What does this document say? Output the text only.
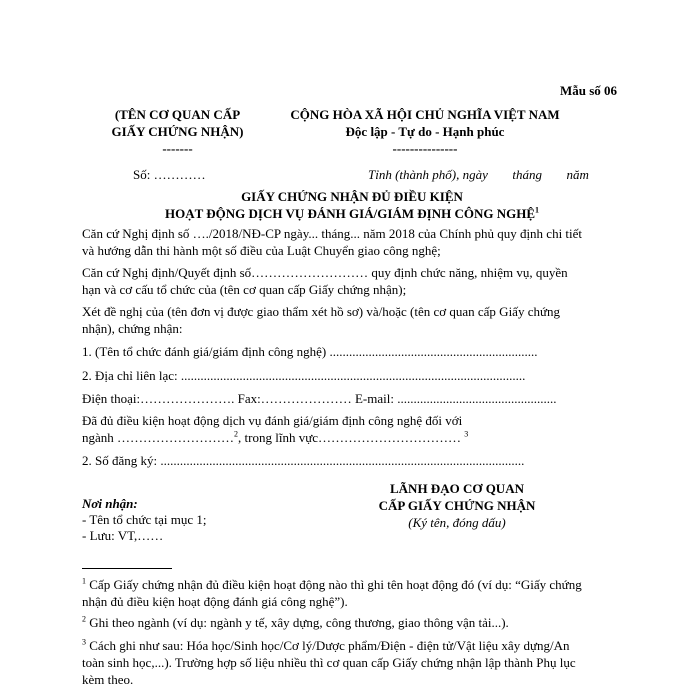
Mẫu số 06
(TÊN CƠ QUAN CẤP
GIẤY CHỨNG NHẬN)
-------
CỘNG HÒA XÃ HỘI CHỦ NGHĨA VIỆT NAM
Độc lập - Tự do - Hạnh phúc
---------------
Số: …………	Tỉnh (thành phố), ngày tháng năm
GIẤY CHỨNG NHẬN ĐỦ ĐIỀU KIỆN
HOẠT ĐỘNG DỊCH VỤ ĐÁNH GIÁ/GIÁM ĐỊNH CÔNG NGHỆ$^1$
Căn cứ Nghị định số …./2018/NĐ-CP ngày... tháng... năm 2018 của Chính phủ quy định chi tiết
và hướng dẫn thi hành một số điều của Luật Chuyển giao công nghệ;
Căn cứ Nghị định/Quyết định số……………………… quy định chức năng, nhiệm vụ, quyền
hạn và cơ cấu tổ chức của (tên cơ quan cấp Giấy chứng nhận);
Xét đề nghị của (tên đơn vị được giao thẩm xét hồ sơ) và/hoặc (tên cơ quan cấp Giấy chứng
nhận), chứng nhận:
1. (Tên tổ chức đánh giá/giám định công nghệ) ................................................................
2. Địa chỉ liên lạc: ..........................................................................................................
Điện thoại:…………………. Fax:………………… E-mail: .................................................
Đã đủ điều kiện hoạt động dịch vụ đánh giá/giám định công nghệ đối với
ngành ………………………$^2$, trong lĩnh vực…………………………… $^3$
2. Số đăng ký: ................................................................................................................
LÃNH ĐẠO CƠ QUAN
CẤP GIẤY CHỨNG NHẬN
(Ký tên, đóng dấu)
Nơi nhận:
- Tên tổ chức tại mục 1;
- Lưu: VT,……
$^1$ Cấp Giấy chứng nhận đủ điều kiện hoạt động nào thì ghi tên hoạt động đó (ví dụ: “Giấy chứng
nhận đủ điều kiện hoạt động đánh giá công nghệ”).
$^2$ Ghi theo ngành (ví dụ: ngành y tế, xây dựng, công thương, giao thông vận tải...).
$^3$ Cách ghi như sau: Hóa học/Sinh học/Cơ lý/Dược phẩm/Điện - điện tử/Vật liệu xây dựng/An
toàn sinh học,...). Trường hợp số liệu nhiều thì cơ quan cấp Giấy chứng nhận lập thành Phụ lục
kèm theo.
